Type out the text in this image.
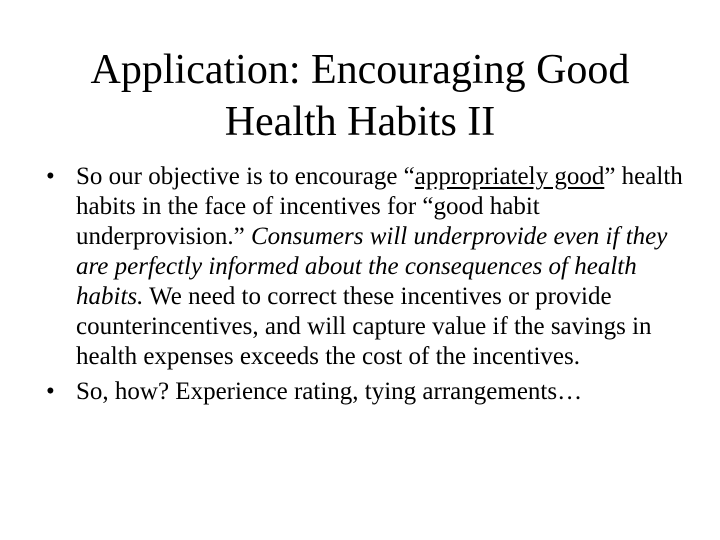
Application: Encouraging Good
Health Habits II
• So our objective is to encourage “appropriately good” health habits in the face of incentives for “good habit underprovision.” Consumers will underprovide even if they are perfectly informed about the consequences of health habits. We need to correct these incentives or provide counterincentives, and will capture value if the savings in health expenses exceeds the cost of the incentives.
• So, how? Experience rating, tying arrangements…
